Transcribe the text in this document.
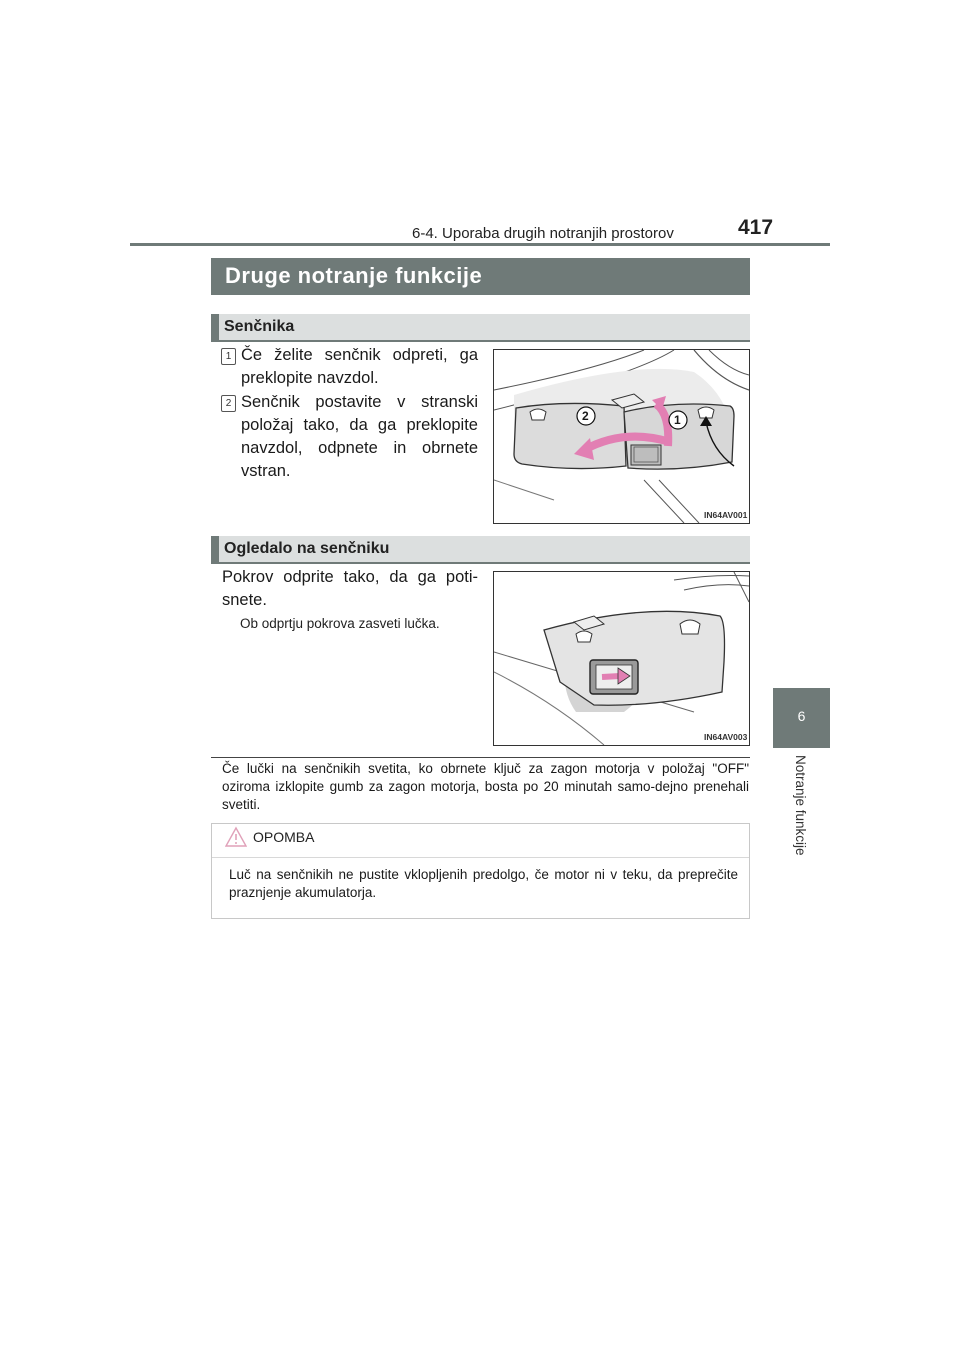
6-4. Uporaba drugih notranjih prostorov	417
6
Notranje funkcije
Druge notranje funkcije
Senčnika
1 Če želite senčnik odpreti, ga preklopite navzdol.
2 Senčnik postavite v stranski položaj tako, da ga preklopite navzdol, odpnete in obrnete vstran.
2	1
IN64AV001
Ogledalo na senčniku
Pokrov odprite tako, da ga poti-snete.
Ob odprtju pokrova zasveti lučka.
IN64AV003
Če lučki na senčnikih svetita, ko obrnete ključ za zagon motorja v položaj "OFF" oziroma izklopite gumb za zagon motorja, bosta po 20 minutah samo-dejno prenehali svetiti.
OPOMBA
Luč na senčnikih ne pustite vklopljenih predolgo, če motor ni v teku, da preprečite praznjenje akumulatorja.
